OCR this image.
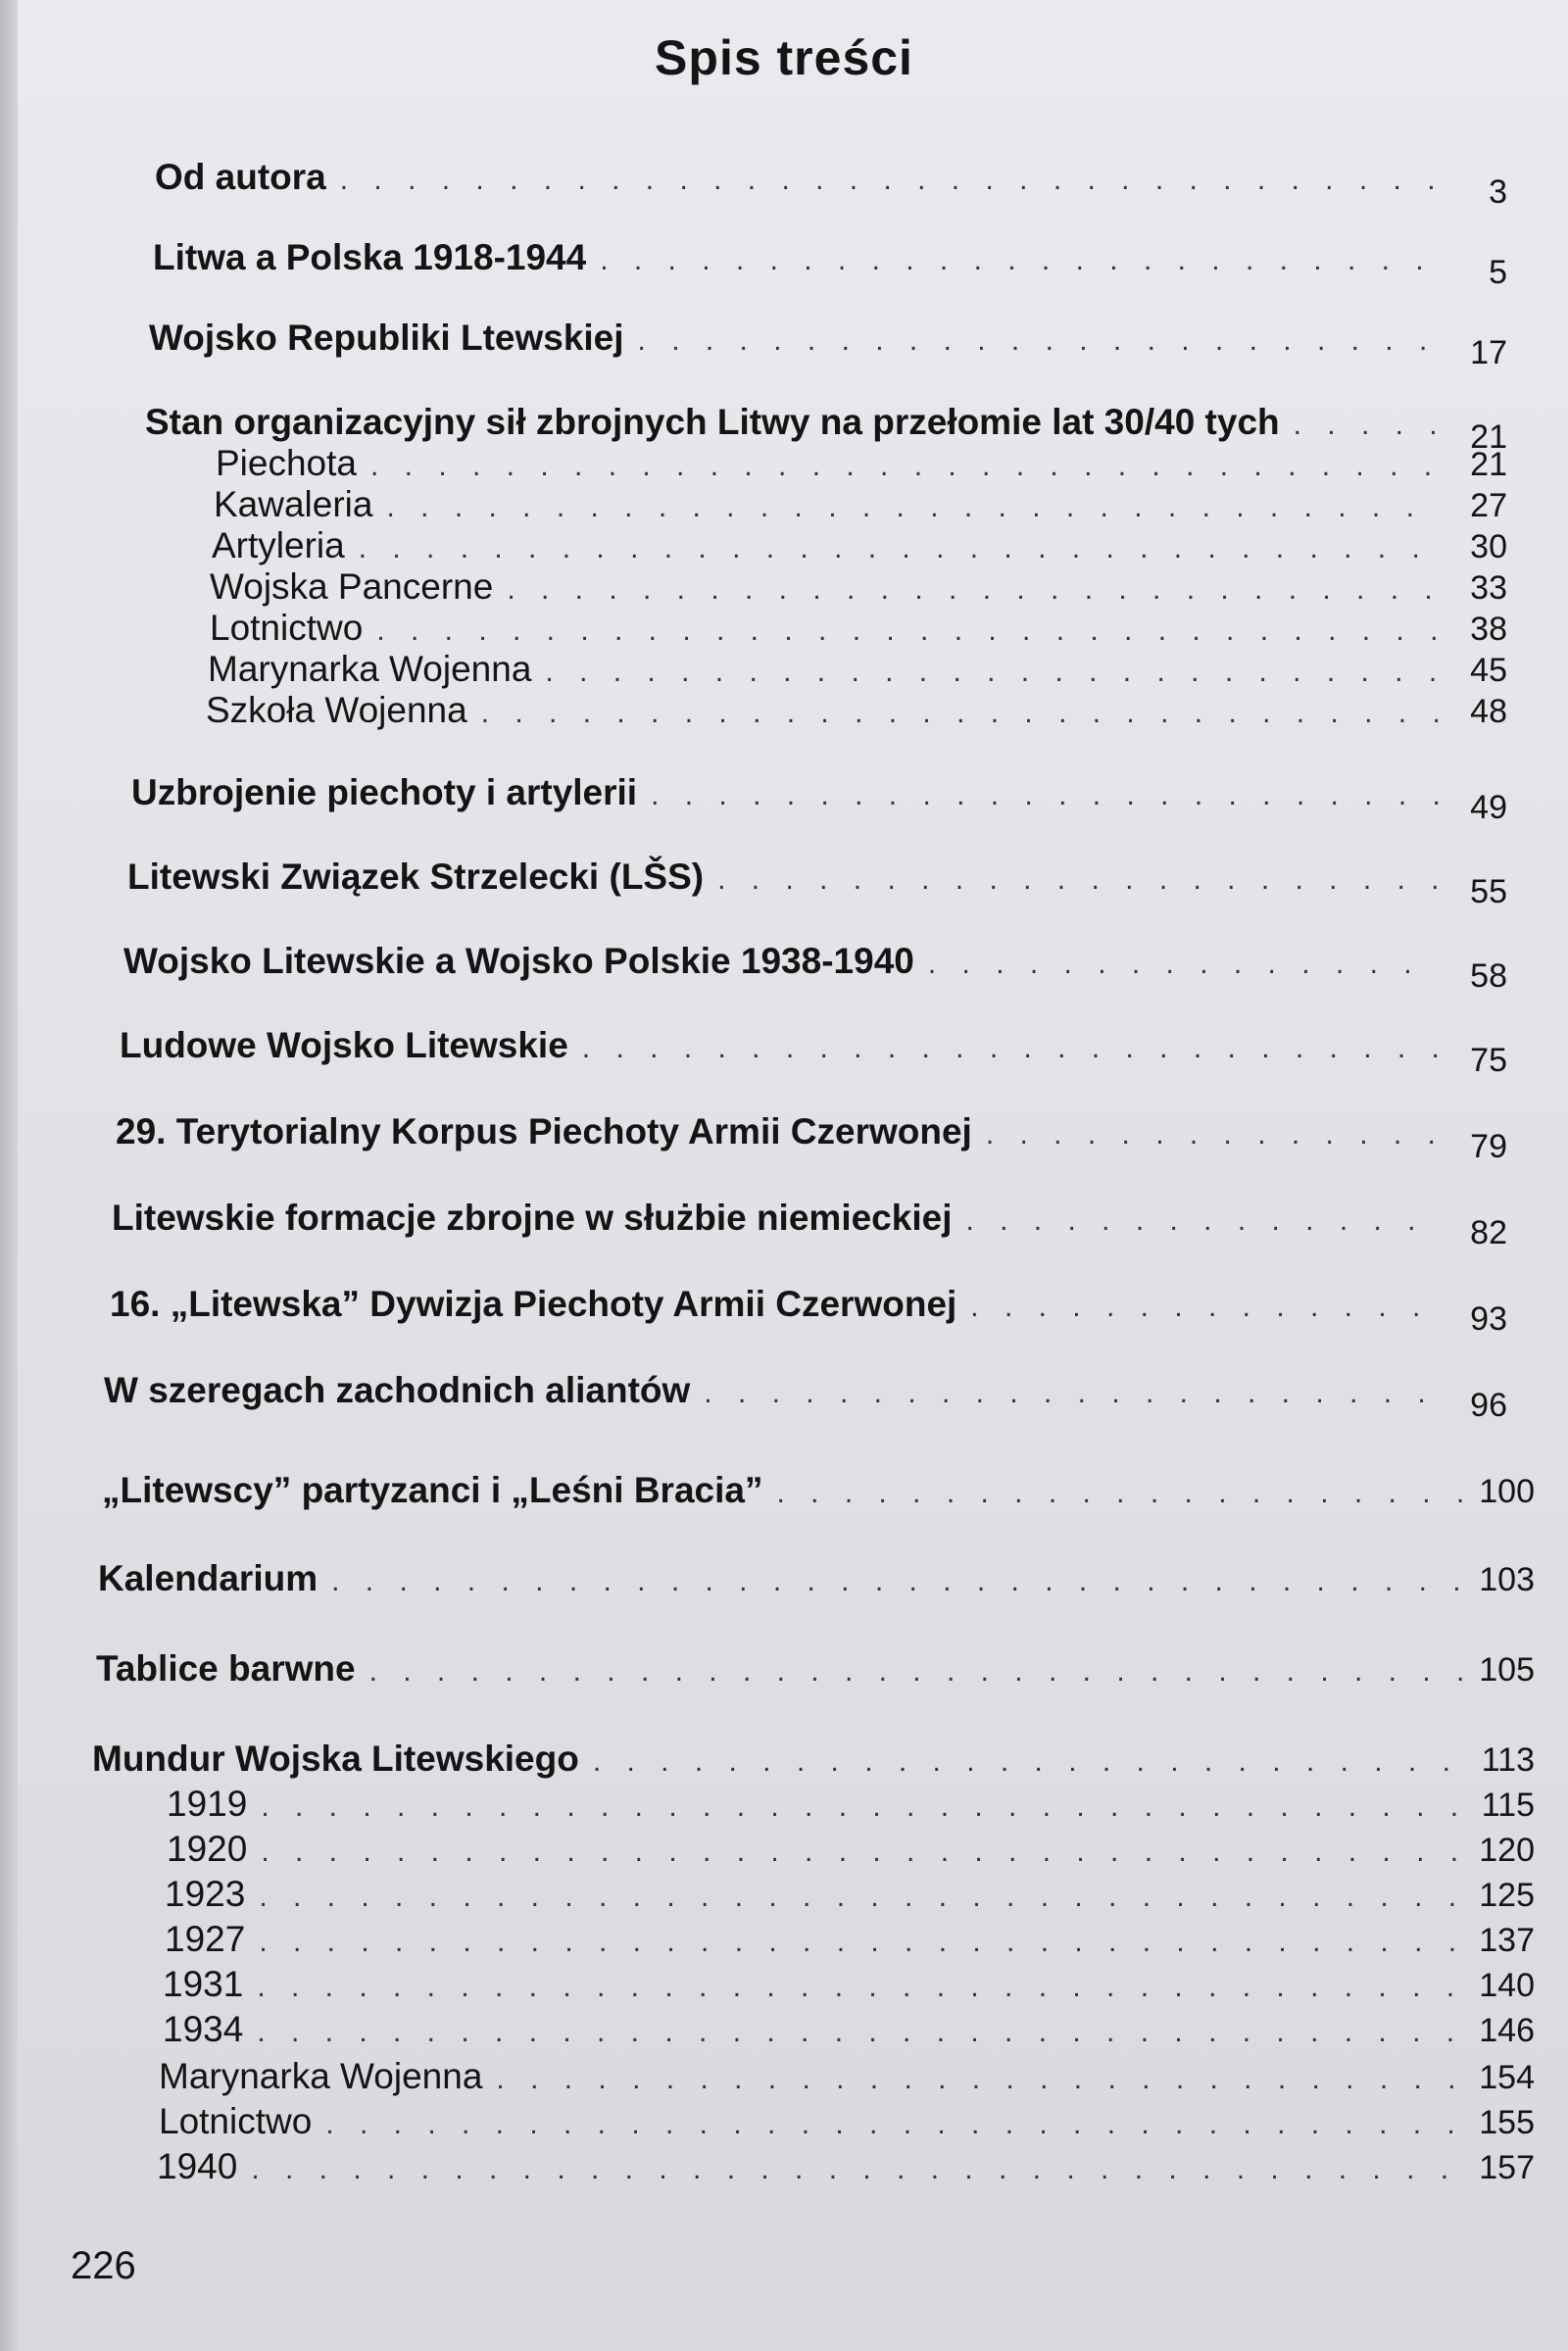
Spis treści
Od autora . . .	3
Litwa a Polska 1918-1944 . . .	5
Wojsko Republiki Ltewskiej . . .	17
Stan organizacyjny sił zbrojnych Litwy na przełomie lat 30/40 tych . . .	21
Piechota . . .	21
Kawaleria . . .	27
Artyleria . . .	30
Wojska Pancerne . . .	33
Lotnictwo . . .	38
Marynarka Wojenna . . .	45
Szkoła Wojenna . . .	48
Uzbrojenie piechoty i artylerii . . .	49
Litewski Związek Strzelecki (LŠS) . . .	55
Wojsko Litewskie a Wojsko Polskie 1938-1940 . . .	58
Ludowe Wojsko Litewskie . . .	75
29. Terytorialny Korpus Piechoty Armii Czerwonej . . .	79
Litewskie formacje zbrojne w służbie niemieckiej . . .	82
16. „Litewska” Dywizja Piechoty Armii Czerwonej . . .	93
W szeregach zachodnich aliantów . . .	96
„Litewscy” partyzanci i „Leśni Bracia” . . .	100
Kalendarium . . .	103
Tablice barwne . . .	105
Mundur Wojska Litewskiego . . .	113
1919 . . .	115
1920 . . .	120
1923 . . .	125
1927 . . .	137
1931 . . .	140
1934 . . .	146
Marynarka Wojenna . . .	154
Lotnictwo . . .	155
1940 . . .	157
226
